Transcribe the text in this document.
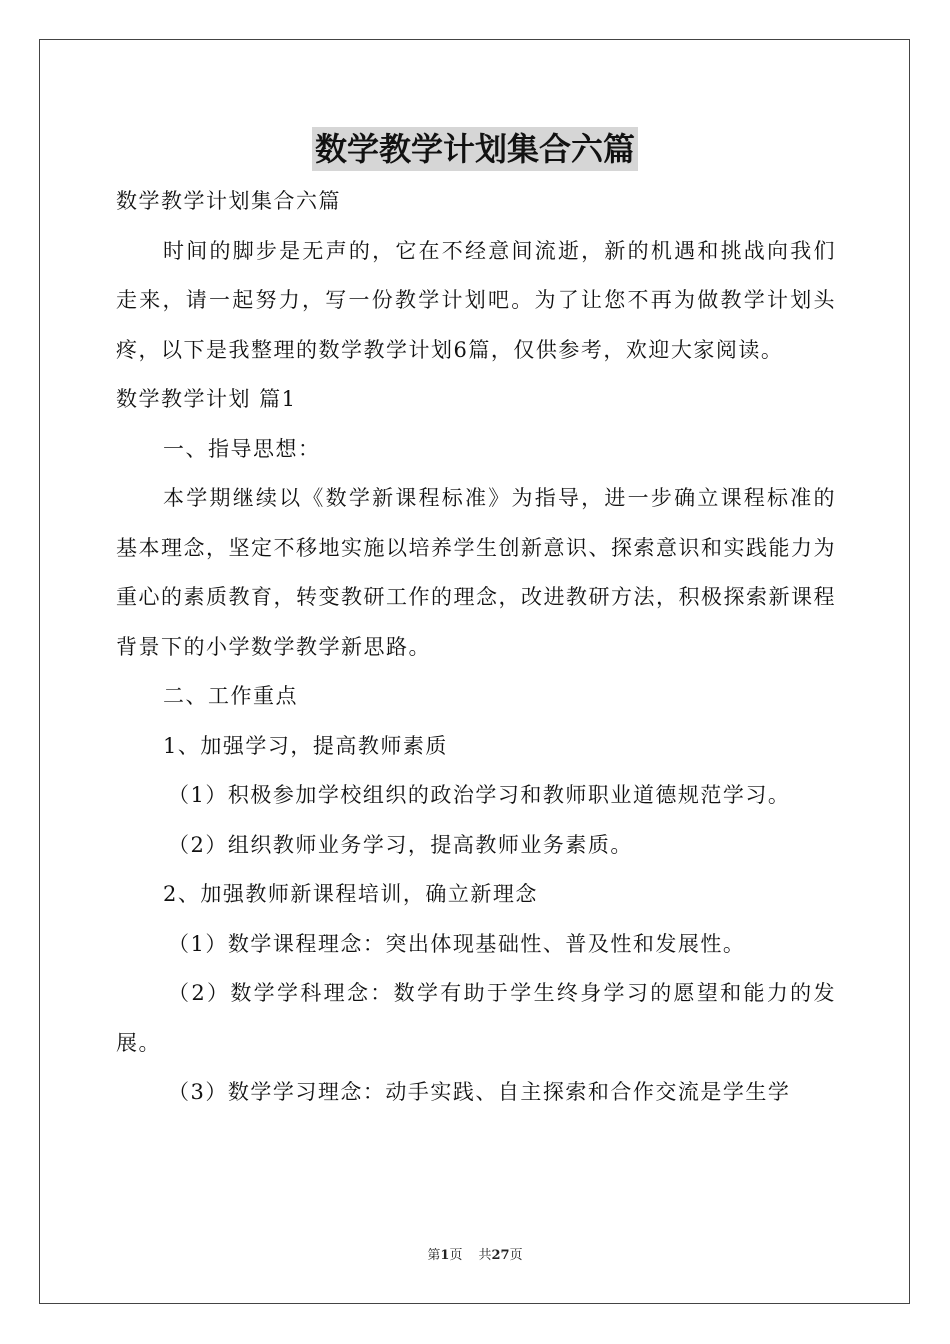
数学教学计划集合六篇

数学教学计划集合六篇

时间的脚步是无声的，它在不经意间流逝，新的机遇和挑战向我们走来，请一起努力，写一份教学计划吧。为了让您不再为做教学计划头疼，以下是我整理的数学教学计划6篇，仅供参考，欢迎大家阅读。

数学教学计划 篇1

一、指导思想：

本学期继续以《数学新课程标准》为指导，进一步确立课程标准的基本理念，坚定不移地实施以培养学生创新意识、探索意识和实践能力为重心的素质教育，转变教研工作的理念，改进教研方法，积极探索新课程背景下的小学数学教学新思路。

二、工作重点

1、加强学习，提高教师素质

（1）积极参加学校组织的政治学习和教师职业道德规范学习。

（2）组织教师业务学习，提高教师业务素质。

2、加强教师新课程培训，确立新理念

（1）数学课程理念：突出体现基础性、普及性和发展性。

（2）数学学科理念：数学有助于学生终身学习的愿望和能力的发展。

（3）数学学习理念：动手实践、自主探索和合作交流是学生学

第1页 共27页
